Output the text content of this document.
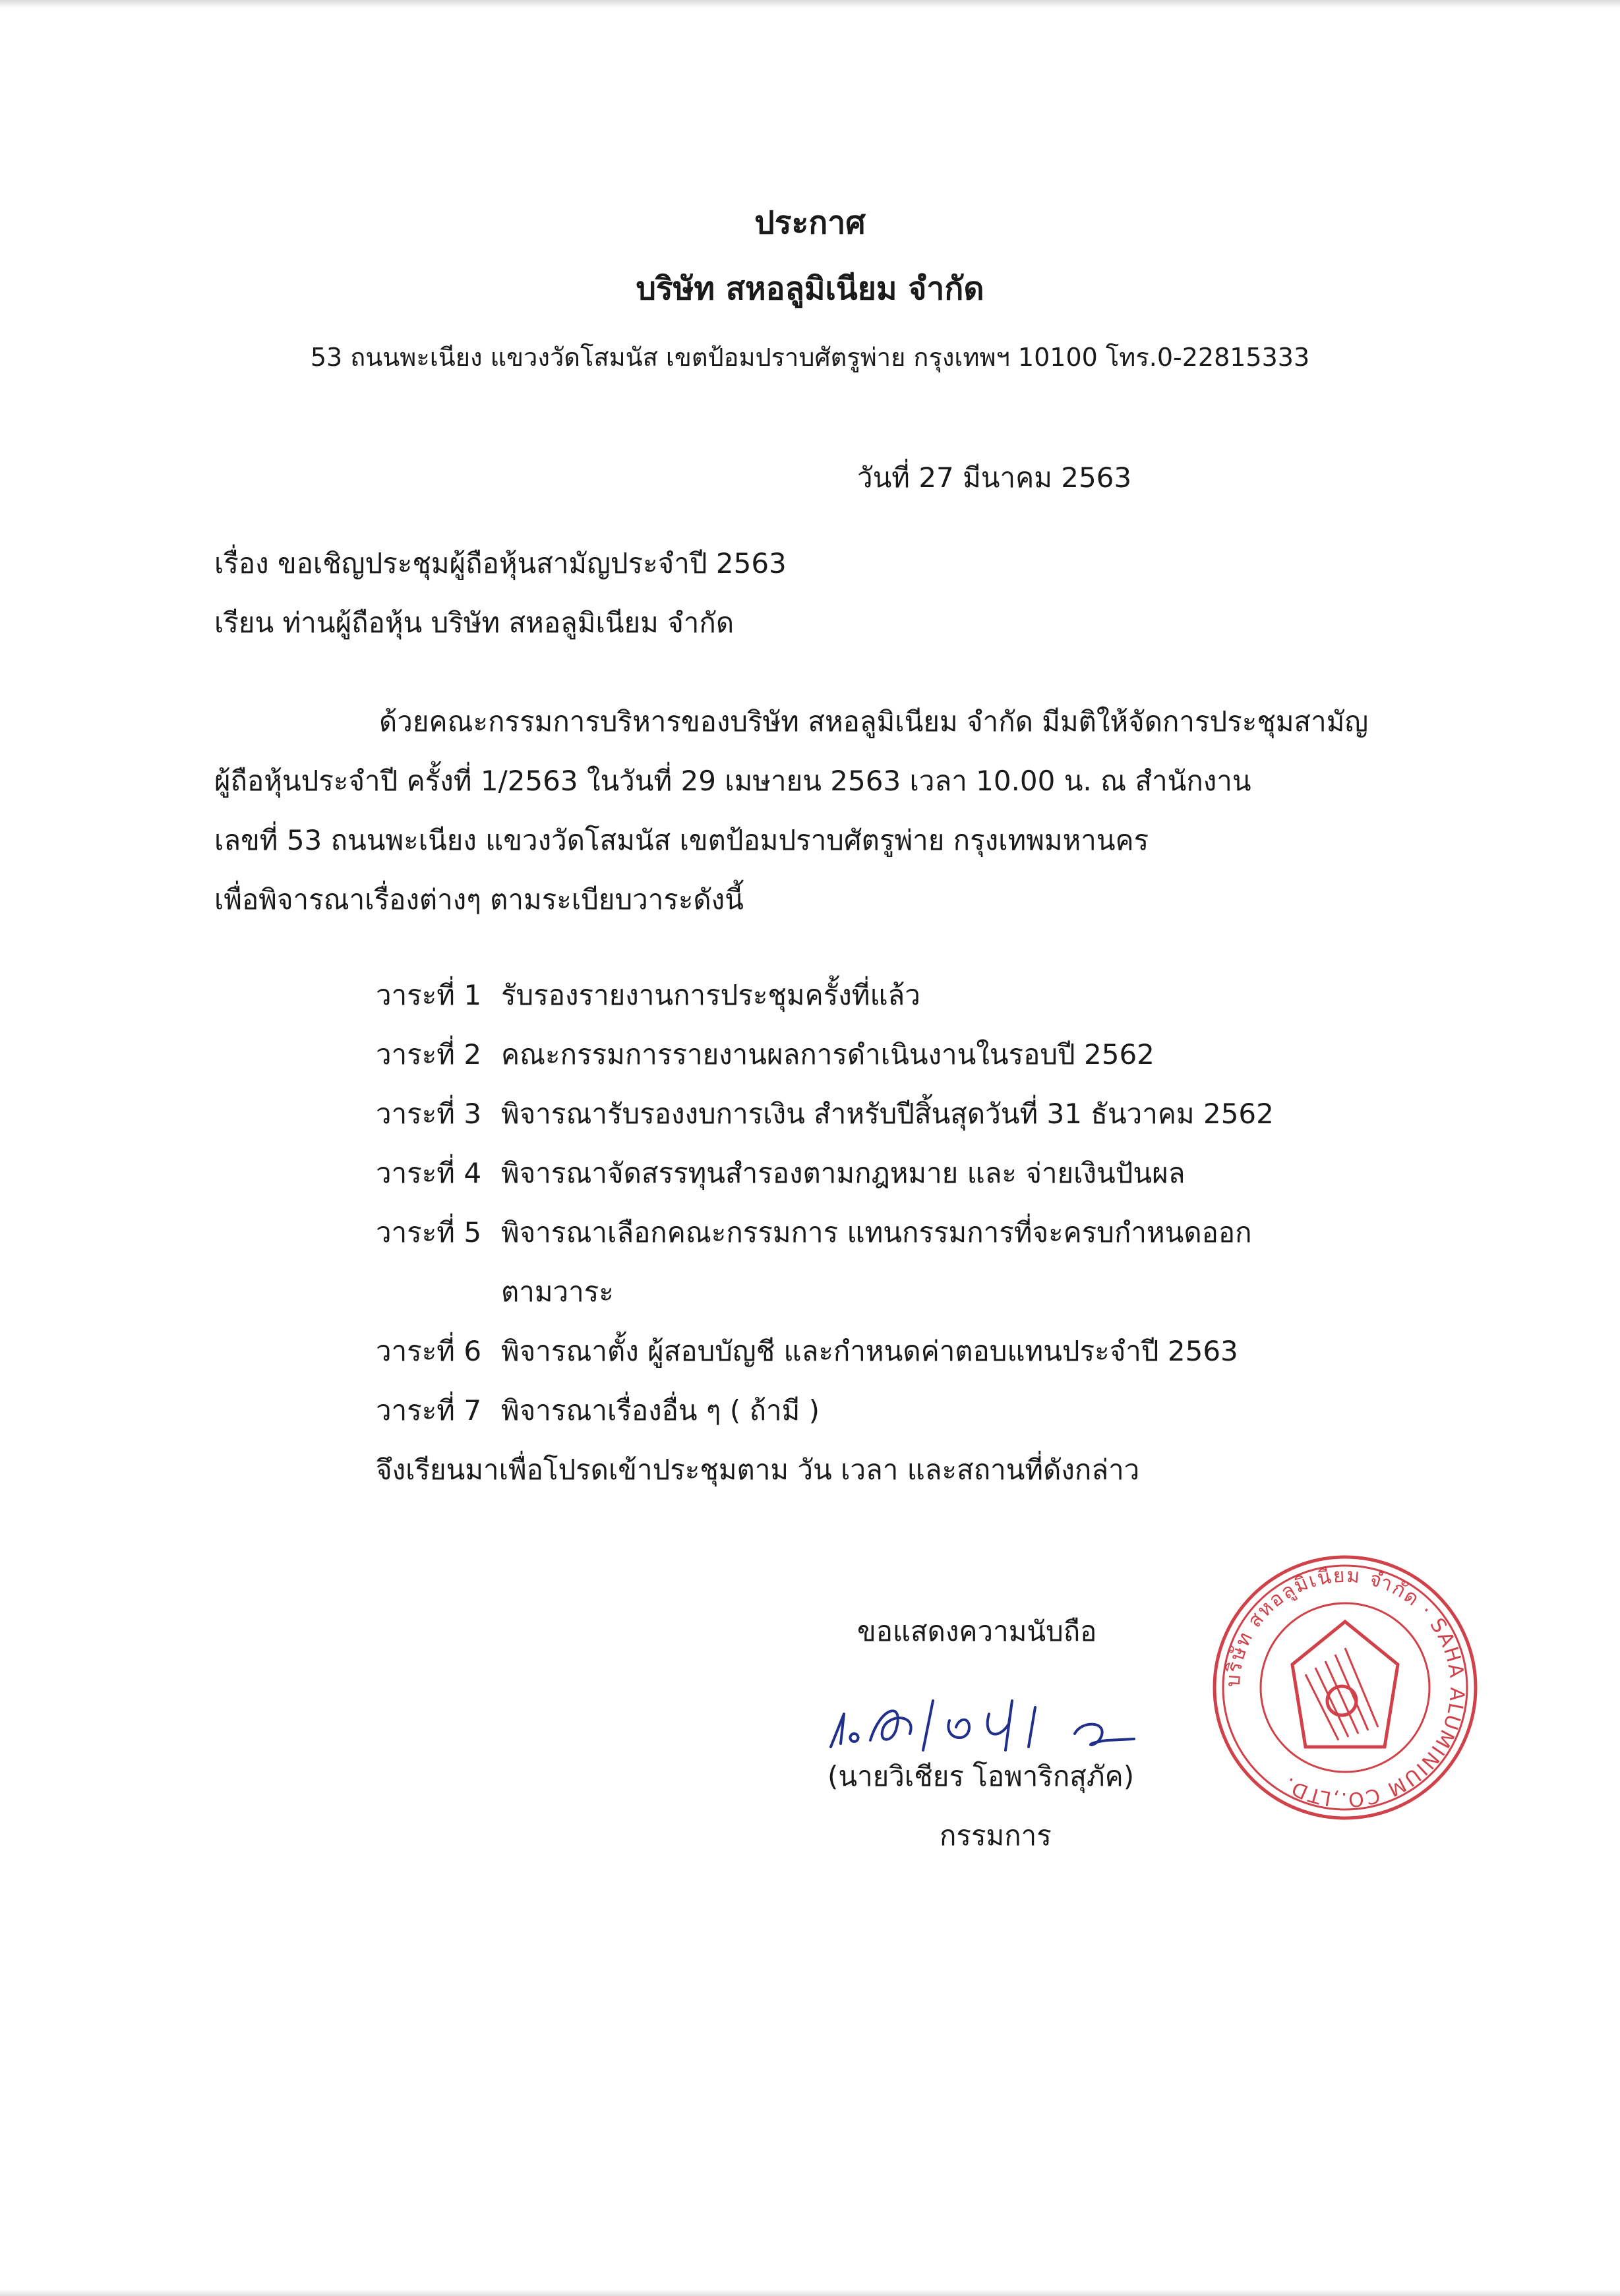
ประกาศ
บริษัท สหอลูมิเนียม จำกัด
53 ถนนพะเนียง แขวงวัดโสมนัส เขตป้อมปราบศัตรูพ่าย กรุงเทพฯ 10100 โทร.0-22815333
วันที่ 27 มีนาคม 2563
เรื่อง ขอเชิญประชุมผู้ถือหุ้นสามัญประจำปี 2563
เรียน ท่านผู้ถือหุ้น บริษัท สหอลูมิเนียม จำกัด
ด้วยคณะกรรมการบริหารของบริษัท สหอลูมิเนียม จำกัด มีมติให้จัดการประชุมสามัญ
ผู้ถือหุ้นประจำปี ครั้งที่ 1/2563 ในวันที่ 29 เมษายน 2563 เวลา 10.00 น. ณ สำนักงาน
เลขที่ 53 ถนนพะเนียง แขวงวัดโสมนัส เขตป้อมปราบศัตรูพ่าย กรุงเทพมหานคร
เพื่อพิจารณาเรื่องต่างๆ ตามระเบียบวาระดังนี้
วาระที่ 1 รับรองรายงานการประชุมครั้งที่แล้ว
วาระที่ 2 คณะกรรมการรายงานผลการดำเนินงานในรอบปี 2562
วาระที่ 3 พิจารณารับรองงบการเงิน สำหรับปีสิ้นสุดวันที่ 31 ธันวาคม 2562
วาระที่ 4 พิจารณาจัดสรรทุนสำรองตามกฎหมาย และ จ่ายเงินปันผล
วาระที่ 5 พิจารณาเลือกคณะกรรมการ แทนกรรมการที่จะครบกำหนดออก
ตามวาระ
วาระที่ 6 พิจารณาตั้ง ผู้สอบบัญชี และกำหนดค่าตอบแทนประจำปี 2563
วาระที่ 7 พิจารณาเรื่องอื่น ๆ ( ถ้ามี )
จึงเรียนมาเพื่อโปรดเข้าประชุมตาม วัน เวลา และสถานที่ดังกล่าว
ขอแสดงความนับถือ
(นายวิเชียร โอพาริกสุภัค)
กรรมการ
บริษัท สหอลูมิเนียม จำกัด · SAHA ALUMINIUM CO.,LTD.
